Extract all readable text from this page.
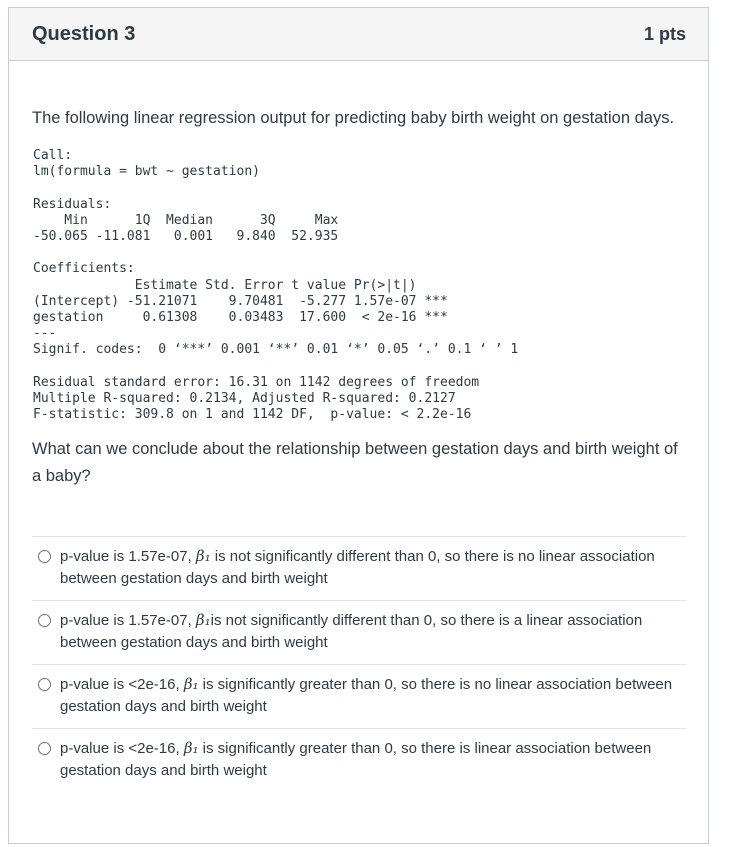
Question 3	1 pts

The following linear regression output for predicting baby birth weight on gestation days.

Call:
lm(formula = bwt ~ gestation)

Residuals:
Min      1Q  Median      3Q     Max
-50.065 -11.081   0.001   9.840  52.935

Coefficients:
Estimate Std. Error t value Pr(>|t|)
(Intercept) -51.21071    9.70481  -5.277 1.57e-07 ***
gestation     0.61308    0.03483  17.600  < 2e-16 ***
---
Signif. codes:  0 ‘***’ 0.001 ‘**’ 0.01 ‘*’ 0.05 ‘.’ 0.1 ‘ ’ 1

Residual standard error: 16.31 on 1142 degrees of freedom
Multiple R-squared: 0.2134, Adjusted R-squared: 0.2127
F-statistic: 309.8 on 1 and 1142 DF,  p-value: < 2.2e-16

What can we conclude about the relationship between gestation days and birth weight of a baby?

p-value is 1.57e-07, β₁ is not significantly different than 0, so there is no linear association between gestation days and birth weight
p-value is 1.57e-07, β₁is not significantly different than 0, so there is a linear association between gestation days and birth weight
p-value is <2e-16, β₁ is significantly greater than 0, so there is no linear association between gestation days and birth weight
p-value is <2e-16, β₁ is significantly greater than 0, so there is linear association between gestation days and birth weight
